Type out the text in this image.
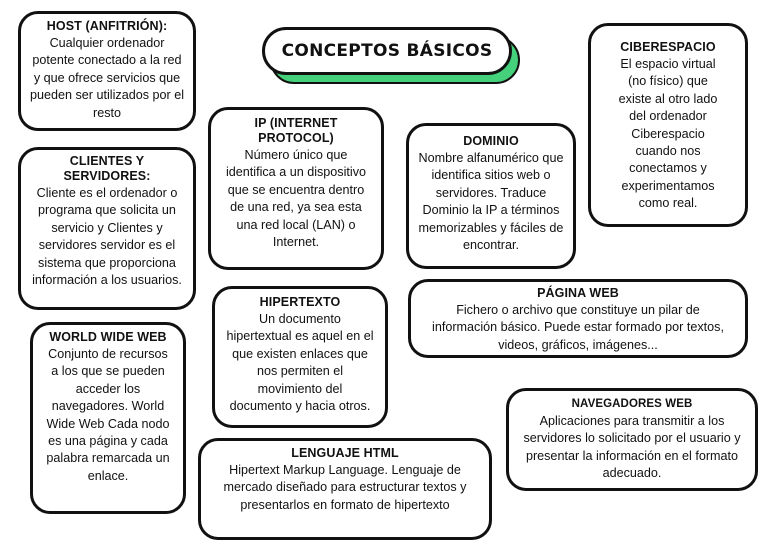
CONCEPTOS BÁSICOS
HOST (ANFITRIÓN):

Cualquier ordenador potente conectado a la red y que ofrece servicios que pueden ser utilizados por el resto

CLIENTES Y SERVIDORES:

Cliente es el ordenador o programa que solicita un servicio y Clientes y servidores servidor es el sistema que proporciona información a los usuarios.

WORLD WIDE WEB

Conjunto de recursos a los que se pueden acceder los navegadores. World Wide Web Cada nodo es una página y cada palabra remarcada un enlace.

IP (INTERNET PROTOCOL)

Número único que identifica a un dispositivo que se encuentra dentro de una red, ya sea esta una red local (LAN) o Internet.

HIPERTEXTO

Un documento hipertextual es aquel en el que existen enlaces que nos permiten el movimiento del documento y hacia otros.

LENGUAJE HTML

Hipertext Markup Language. Lenguaje de mercado diseñado para estructurar textos y presentarlos en formato de hipertexto

DOMINIO

Nombre alfanumérico que identifica sitios web o servidores. Traduce Dominio la IP a términos memorizables y fáciles de encontrar.

CIBERESPACIO

El espacio virtual (no físico) que existe al otro lado del ordenador Ciberespacio cuando nos conectamos y experimentamos como real.

PÁGINA WEB

Fichero o archivo que constituye un pilar de información básico. Puede estar formado por textos, videos, gráficos, imágenes...

NAVEGADORES WEB

Aplicaciones para transmitir a los servidores lo solicitado por el usuario y presentar la información en el formato adecuado.
